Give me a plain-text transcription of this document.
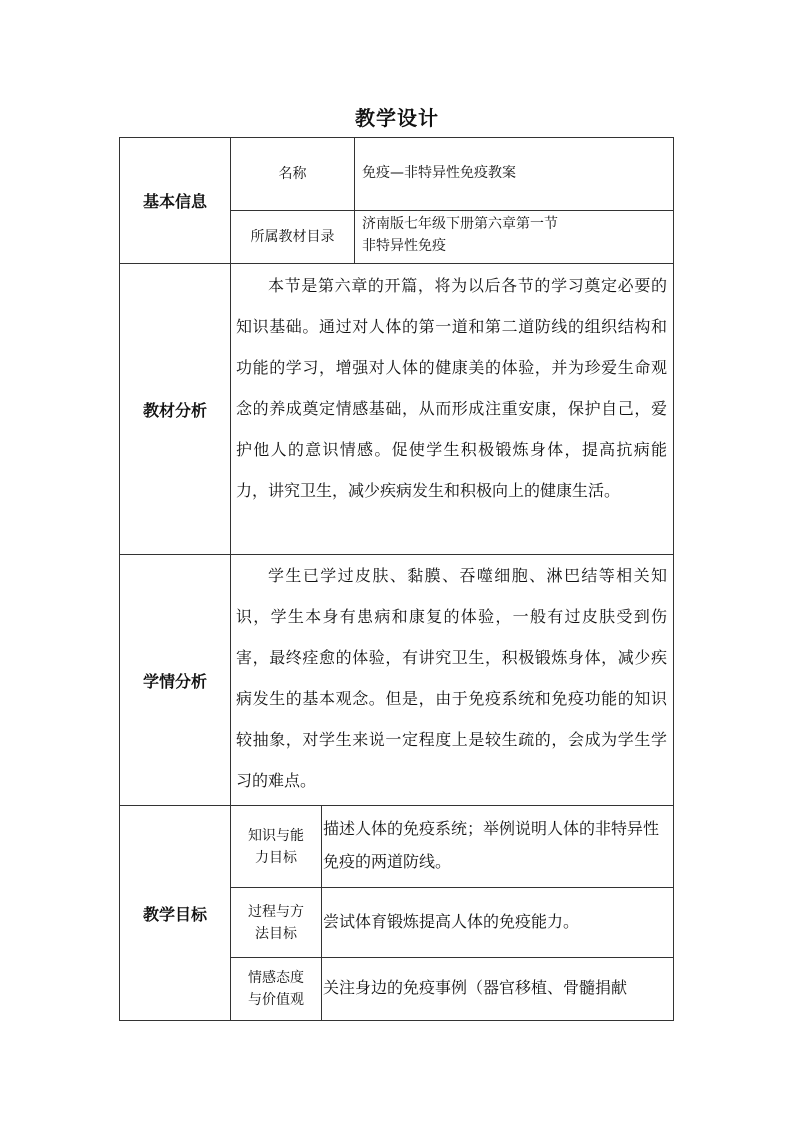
教学设计
基本信息
名称	免疫—非特异性免疫教案
所属教材目录
济南版七年级下册第六章第一节
非特异性免疫
教材分析
本节是第六章的开篇，将为以后各节的学习奠定必要的知识基础。通过对人体的第一道和第二道防线的组织结构和功能的学习，增强对人体的健康美的体验，并为珍爱生命观念的养成奠定情感基础，从而形成注重安康，保护自己，爱护他人的意识情感。促使学生积极锻炼身体，提高抗病能力，讲究卫生，减少疾病发生和积极向上的健康生活。
学情分析
学生已学过皮肤、黏膜、吞噬细胞、淋巴结等相关知识，学生本身有患病和康复的体验，一般有过皮肤受到伤害，最终痊愈的体验，有讲究卫生，积极锻炼身体，减少疾病发生的基本观念。但是，由于免疫系统和免疫功能的知识较抽象，对学生来说一定程度上是较生疏的，会成为学生学习的难点。
教学目标
知识与能
力目标
描述人体的免疫系统；举例说明人体的非特异性免疫的两道防线。
过程与方
法目标
尝试体育锻炼提高人体的免疫能力。
情感态度
与价值观
关注身边的免疫事例（器官移植、骨髓捐献
